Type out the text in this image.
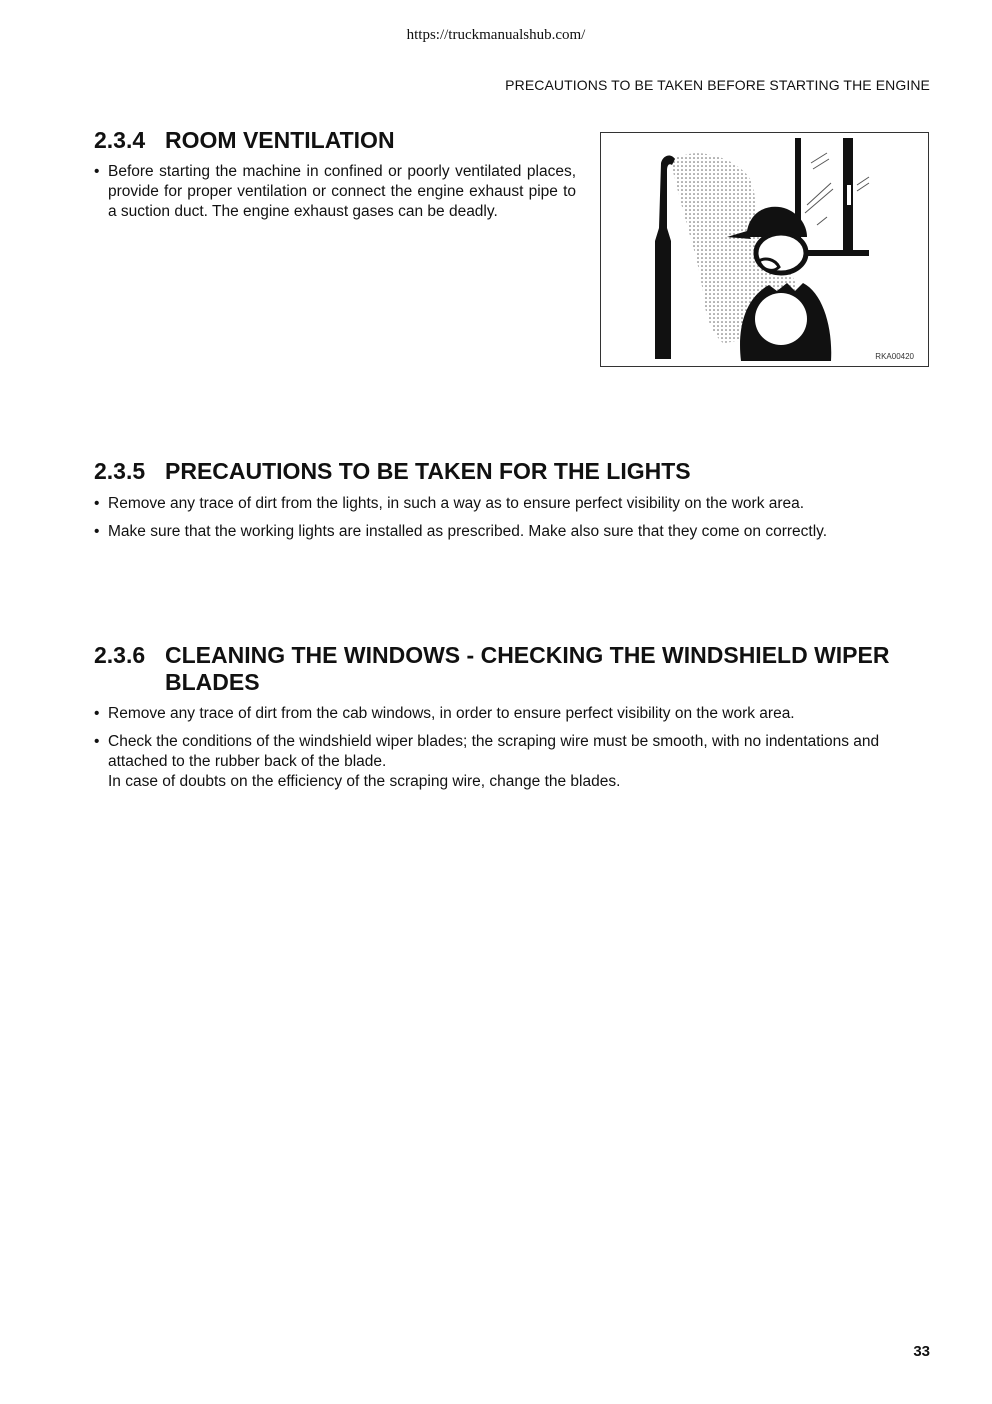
https://truckmanualshub.com/
PRECAUTIONS TO BE TAKEN BEFORE STARTING THE ENGINE
2.3.4 ROOM VENTILATION
• Before starting the machine in confined or poorly ventilated places, provide for proper ventilation or connect the engine exhaust pipe to a suction duct. The engine exhaust gases can be deadly.
RKA00420
2.3.5 PRECAUTIONS TO BE TAKEN FOR THE LIGHTS
• Remove any trace of dirt from the lights, in such a way as to ensure perfect visibility on the work area.
• Make sure that the working lights are installed as prescribed. Make also sure that they come on correctly.
2.3.6 CLEANING THE WINDOWS - CHECKING THE WINDSHIELD WIPER BLADES
• Remove any trace of dirt from the cab windows, in order to ensure perfect visibility on the work area.
• Check the conditions of the windshield wiper blades; the scraping wire must be smooth, with no indentations and attached to the rubber back of the blade.
In case of doubts on the efficiency of the scraping wire, change the blades.
33
